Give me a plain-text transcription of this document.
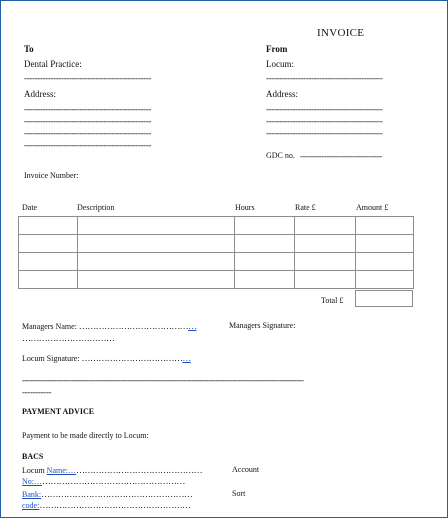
INVOICE
To	From
Dental Practice:	Locum:
------------------------------------------------	--------------------------------------------
Address:	Address:
------------------------------------------------
------------------------------------------------
------------------------------------------------
------------------------------------------------
--------------------------------------------
--------------------------------------------
--------------------------------------------
GDC no. -------------------------------
Invoice Number:
Date	Description	Hours	Rate £	Amount £

Total £
Managers Name: ……………………………………
……………………………
Managers Signature:
Locum Signature: …………………………………
-------------------------------------------------------------------------------------------------------------------
-----------
PAYMENT ADVICE
Payment to be made directly to Locum:
BACS
Locum Name:…………………………………………	Account
No:………………………………………………
Bank:………………………………………………	Sort
code:………………………………………………
